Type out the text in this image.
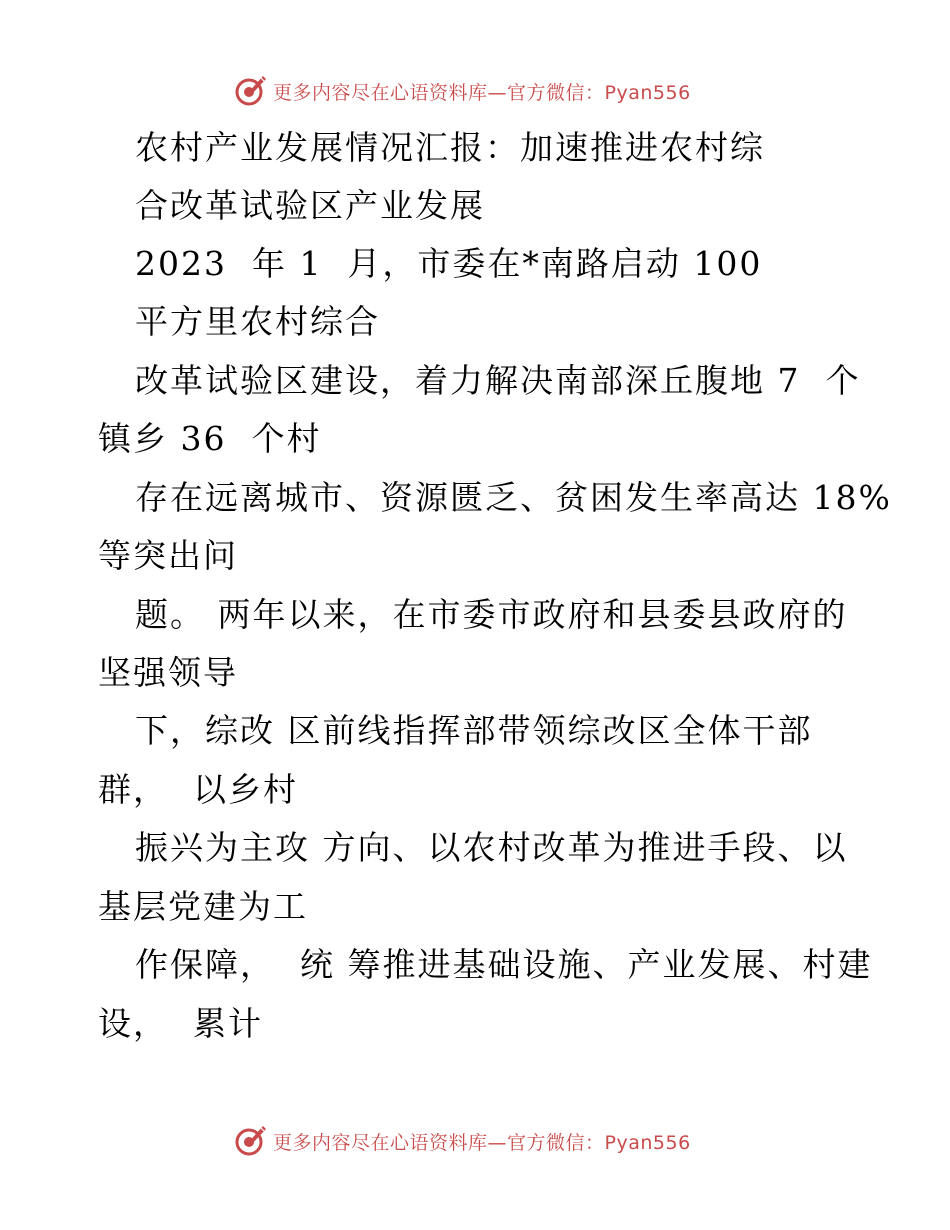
更多内容尽在心语资料库—官方微信：Pyan556
农村产业发展情况汇报：加速推进农村综
合改革试验区产业发展
2023  年 1  月，市委在*南路启动 100
平方里农村综合
改革试验区建设，着力解决南部深丘腹地 7  个
镇乡 36  个村
存在远离城市、资源匮乏、贫困发生率高达 18%
等突出问
题。 两年以来，在市委市政府和县委县政府的
坚强领导
下，综改 区前线指挥部带领综改区全体干部
群，  以乡村
振兴为主攻 方向、以农村改革为推进手段、以
基层党建为工
作保障，  统 筹推进基础设施、产业发展、村建
设，  累计
更多内容尽在心语资料库—官方微信：Pyan556
